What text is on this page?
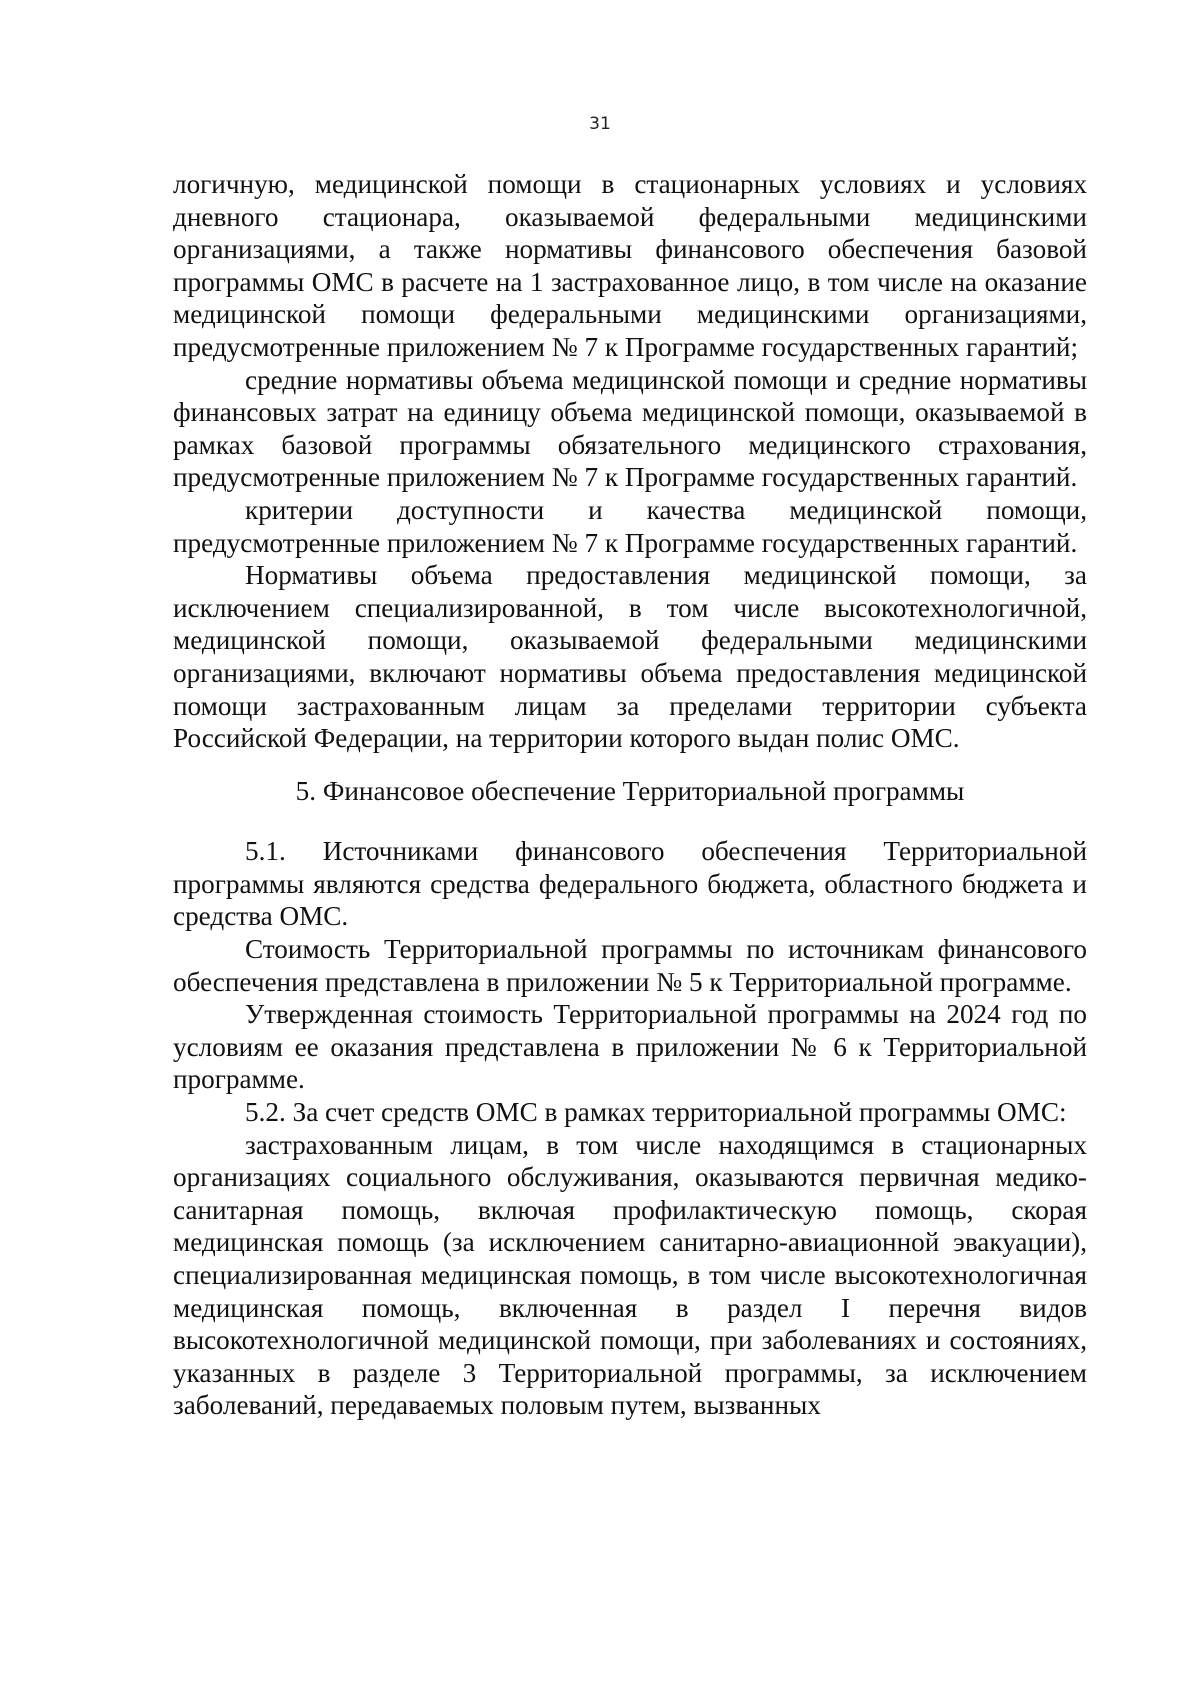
31

логичную, медицинской помощи в стационарных условиях и условиях дневного стационара, оказываемой федеральными медицинскими организациями, а также нормативы финансового обеспечения базовой программы ОМС в расчете на 1 застрахованное лицо, в том числе на оказание медицинской помощи федеральными медицинскими организациями, предусмотренные приложением № 7 к Программе государственных гарантий;

средние нормативы объема медицинской помощи и средние нормативы финансовых затрат на единицу объема медицинской помощи, оказываемой в рамках базовой программы обязательного медицинского страхования, предусмотренные приложением № 7 к Программе государственных гарантий.

критерии доступности и качества медицинской помощи, предусмотренные приложением № 7 к Программе государственных гарантий.

Нормативы объема предоставления медицинской помощи, за исключением специализированной, в том числе высокотехнологичной, медицинской помощи, оказываемой федеральными медицинскими организациями, включают нормативы объема предоставления медицинской помощи застрахованным лицам за пределами территории субъекта Российской Федерации, на территории которого выдан полис ОМС.

5. Финансовое обеспечение Территориальной программы

5.1. Источниками финансового обеспечения Территориальной программы являются средства федерального бюджета, областного бюджета и средства ОМС.

Стоимость Территориальной программы по источникам финансового обеспечения представлена в приложении № 5 к Территориальной программе.

Утвержденная стоимость Территориальной программы на 2024 год по условиям ее оказания представлена в приложении № 6 к Территориальной программе.

5.2. За счет средств ОМС в рамках территориальной программы ОМС:

застрахованным лицам, в том числе находящимся в стационарных организациях социального обслуживания, оказываются первичная медико-санитарная помощь, включая профилактическую помощь, скорая медицинская помощь (за исключением санитарно-авиационной эвакуации), специализированная медицинская помощь, в том числе высокотехнологичная медицинская помощь, включенная в раздел I перечня видов высокотехнологичной медицинской помощи, при заболеваниях и состояниях, указанных в разделе 3 Территориальной программы, за исключением заболеваний, передаваемых половым путем, вызванных
